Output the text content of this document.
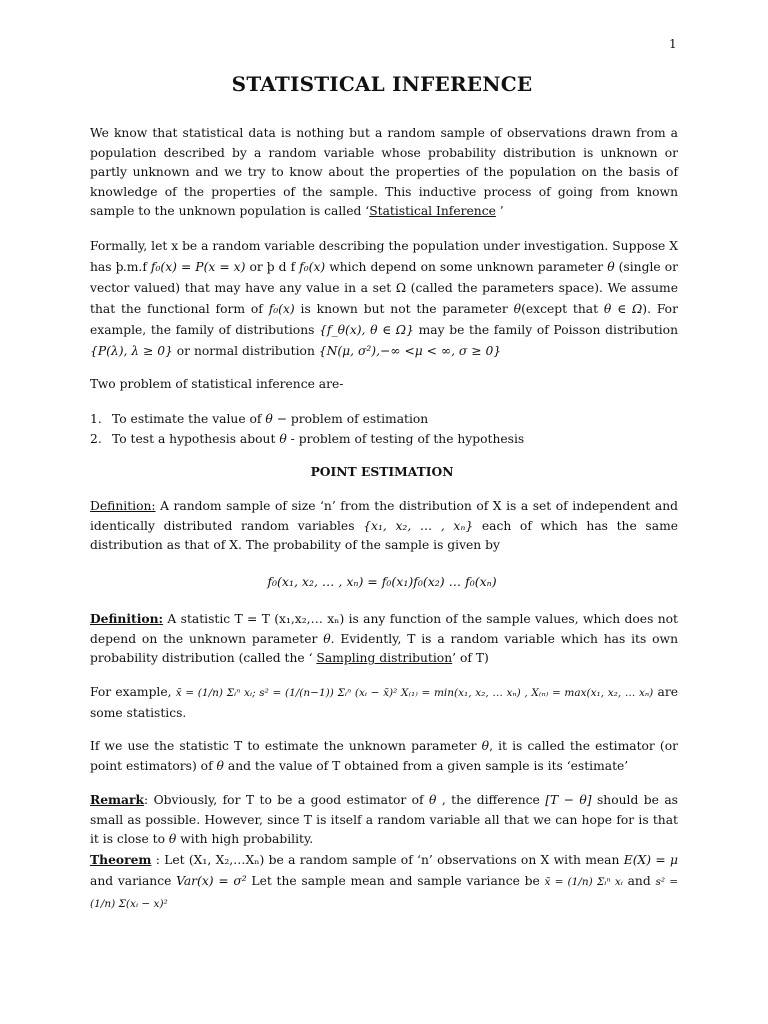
1
STATISTICAL INFERENCE
We know that statistical data is nothing but a random sample of observations drawn from a population described by a random variable whose probability distribution is unknown or partly unknown and we try to know about the properties of the population on the basis of knowledge of the properties of the sample. This inductive process of going from known sample to the unknown population is called ‘Statistical Inference ’
Formally, let x be a random variable describing the population under investigation. Suppose X has þ.m.f f₀(x) = P(x = x) or þ d f f₀(x) which depend on some unknown parameter θ (single or vector valued) that may have any value in a set Ω (called the parameters space). We assume that the functional form of f₀(x) is known but not the parameter θ(except that θ ∈ Ω). For example, the family of distributions {f_θ(x), θ ∈ Ω} may be the family of Poisson distribution {P(λ), λ ≥ 0} or normal distribution {N(μ, σ²),−∞ <μ < ∞, σ ≥ 0}
Two problem of statistical inference are-
1. To estimate the value of θ − problem of estimation
2. To test a hypothesis about θ - problem of testing of the hypothesis
POINT ESTIMATION
Definition: A random sample of size ‘n’ from the distribution of X is a set of independent and identically distributed random variables {x₁, x₂, … , xₙ} each of which has the same distribution as that of X. The probability of the sample is given by
f₀(x₁, x₂, … , xₙ) = f₀(x₁)f₀(x₂) … f₀(xₙ)
Definition: A statistic T = T (x₁,x₂,… xₙ) is any function of the sample values, which does not depend on the unknown parameter θ. Evidently, T is a random variable which has its own probability distribution (called the ‘ Sampling distribution’ of T)
For example, x̄ = (1/n) Σᵢⁿ xᵢ; s² = (1/(n−1)) Σᵢⁿ (xᵢ − x̄)² X₍₁₎ = min(x₁, x₂, … xₙ) , X₍ₙ₎ = max(x₁, x₂, … xₙ) are some statistics.
If we use the statistic T to estimate the unknown parameter θ, it is called the estimator (or point estimators) of θ and the value of T obtained from a given sample is its ‘estimate’
Remark: Obviously, for T to be a good estimator of θ , the difference [T − θ] should be as small as possible. However, since T is itself a random variable all that we can hope for is that it is close to θ with high probability.
Theorem : Let (X₁, X₂,…Xₙ) be a random sample of ‘n’ observations on X with mean E(X) = μ and variance Var(x) = σ² Let the sample mean and sample variance be x̄ = (1/n) Σᵢⁿ xᵢ and s² = (1/n) Σ(xᵢ − x)²
